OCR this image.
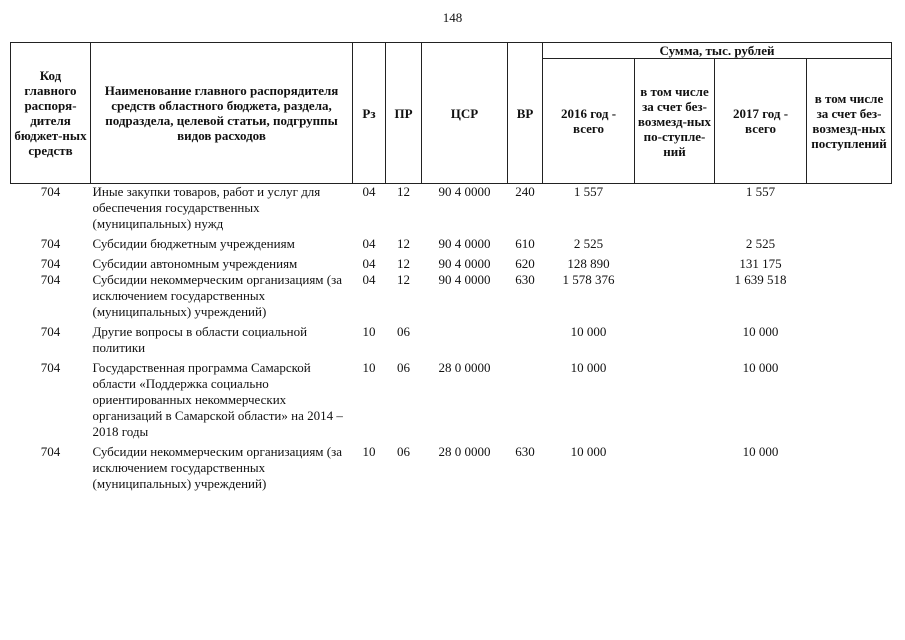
148
Код главного распоря-дителя бюджет-ных средств	Наименование главного распорядителя средств областного бюджета, раздела, подраздела, целевой статьи, подгруппы видов расходов	Рз	ПР	ЦСР	ВР	Сумма, тыс. рублей			
						2016 год - всего	в том числе за счет без-возмезд-ных по-ступле-ний	2017 год - всего	в том числе за счет без-возмезд-ных поступлений
704	Иные закупки товаров, работ и услуг для обеспечения государственных (муниципальных) нужд	04	12	90 4 0000	240	1 557		1 557	
704	Субсидии бюджетным учреждениям	04	12	90 4 0000	610	2 525		2 525	
704	Субсидии автономным учреждениям	04	12	90 4 0000	620	128 890		131 175	
704	Субсидии некоммерческим организациям (за исключением государственных (муниципальных) учреждений)	04	12	90 4 0000	630	1 578 376		1 639 518	
704	Другие вопросы в области социальной политики	10	06			10 000		10 000	
704	Государственная программа Самарской области «Поддержка социально ориентированных некоммерческих организаций в Самарской области» на 2014 – 2018 годы	10	06	28 0 0000		10 000		10 000	
704	Субсидии некоммерческим организациям (за исключением государственных (муниципальных) учреждений)	10	06	28 0 0000	630	10 000		10 000	
